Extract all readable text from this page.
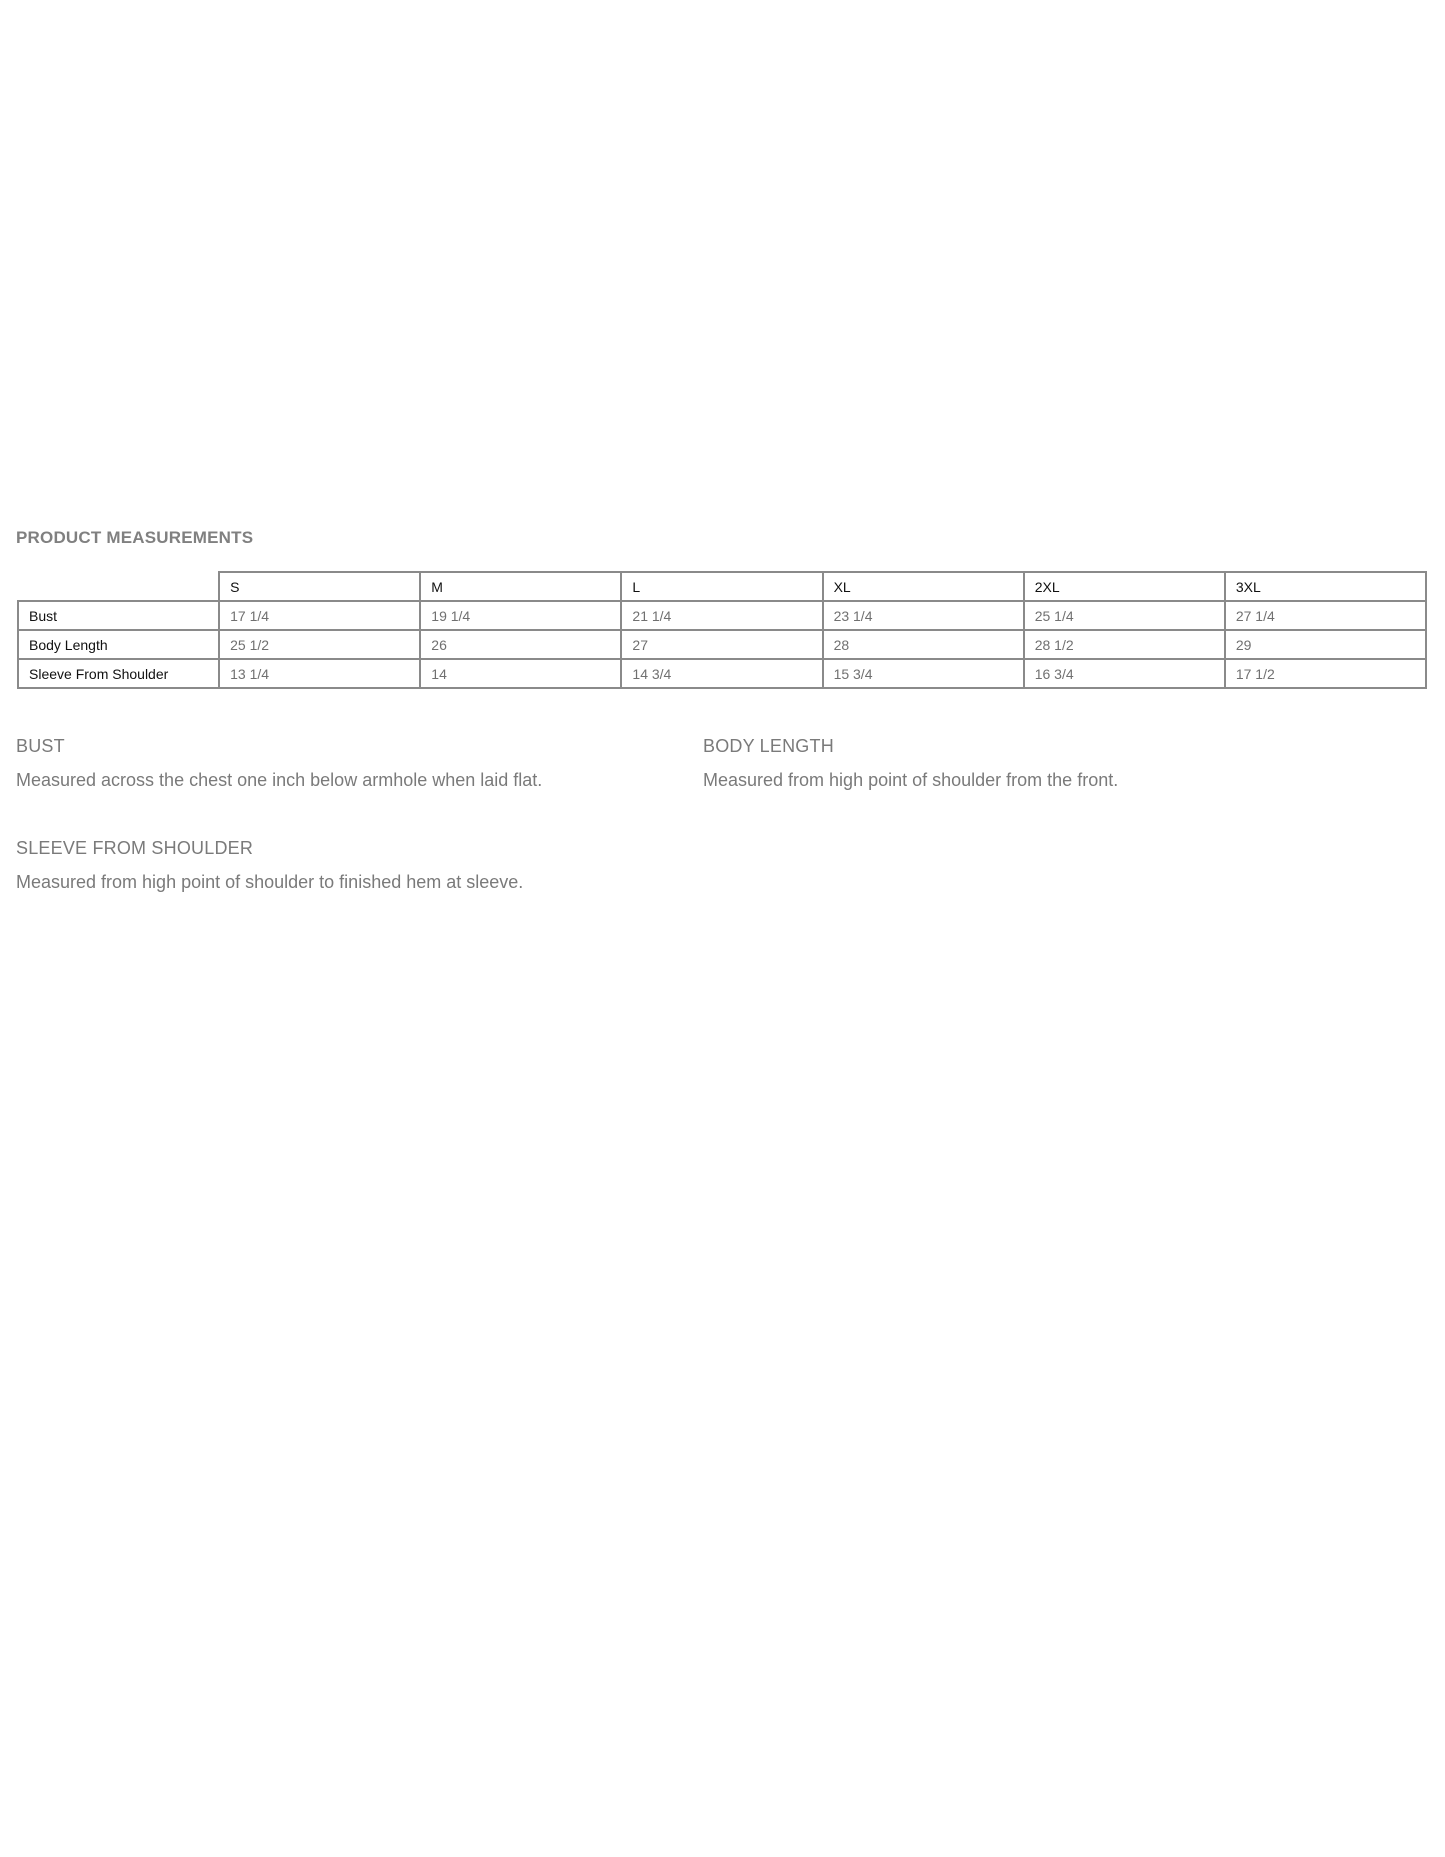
PRODUCT MEASUREMENTS
	S	M	L	XL	2XL	3XL
Bust	17 1/4	19 1/4	21 1/4	23 1/4	25 1/4	27 1/4
Body Length	25 1/2	26	27	28	28 1/2	29
Sleeve From Shoulder	13 1/4	14	14 3/4	15 3/4	16 3/4	17 1/2

BUST

Measured across the chest one inch below armhole when laid flat.

BODY LENGTH

Measured from high point of shoulder from the front.

SLEEVE FROM SHOULDER

Measured from high point of shoulder to finished hem at sleeve.
